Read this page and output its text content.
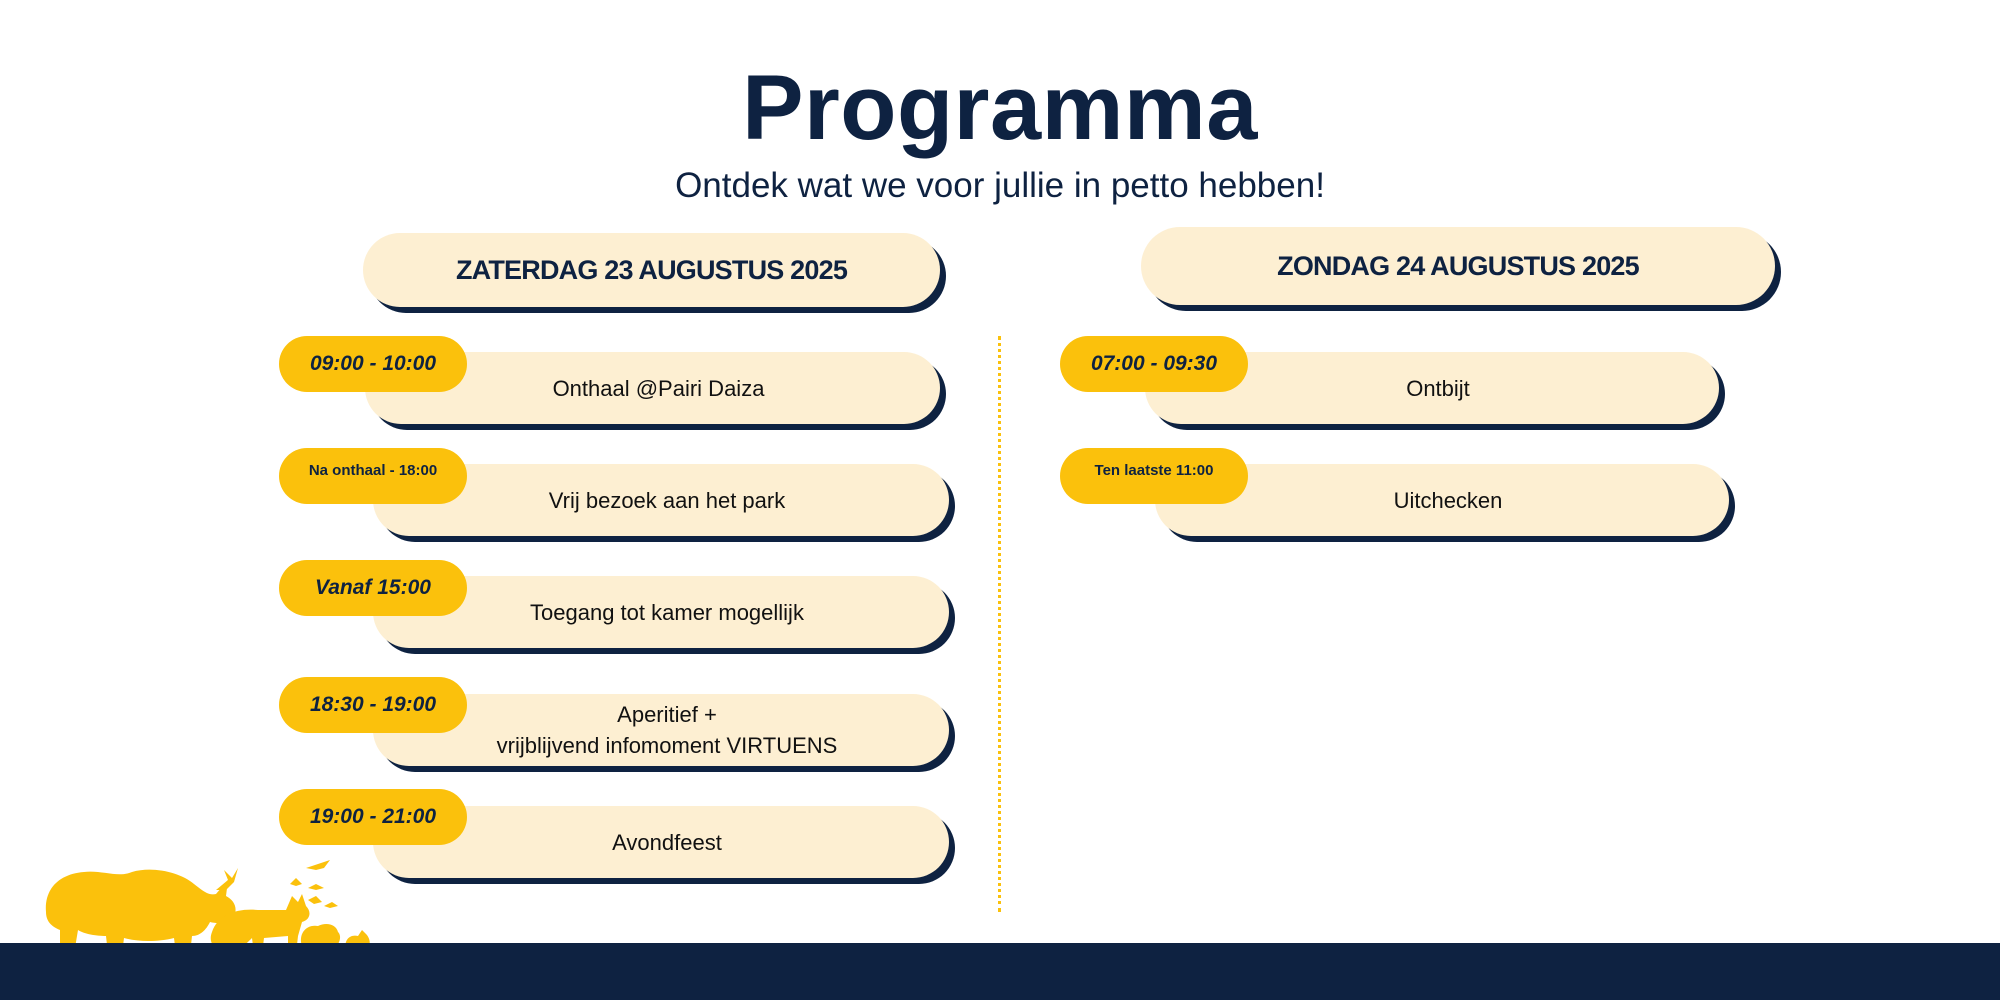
Programma
Ontdek wat we voor jullie in petto hebben!
ZATERDAG 23 AUGUSTUS 2025
Onthaal @Pairi Daiza
09:00 - 10:00
Vrij bezoek aan het park
Na onthaal - 18:00
Toegang tot kamer mogellijk
Vanaf 15:00
Aperitief +
vrijblijvend infomoment VIRTUENS
18:30 - 19:00
Avondfeest
19:00 - 21:00
ZONDAG 24 AUGUSTUS 2025
Ontbijt
07:00 - 09:30
Uitchecken
Ten laatste 11:00
